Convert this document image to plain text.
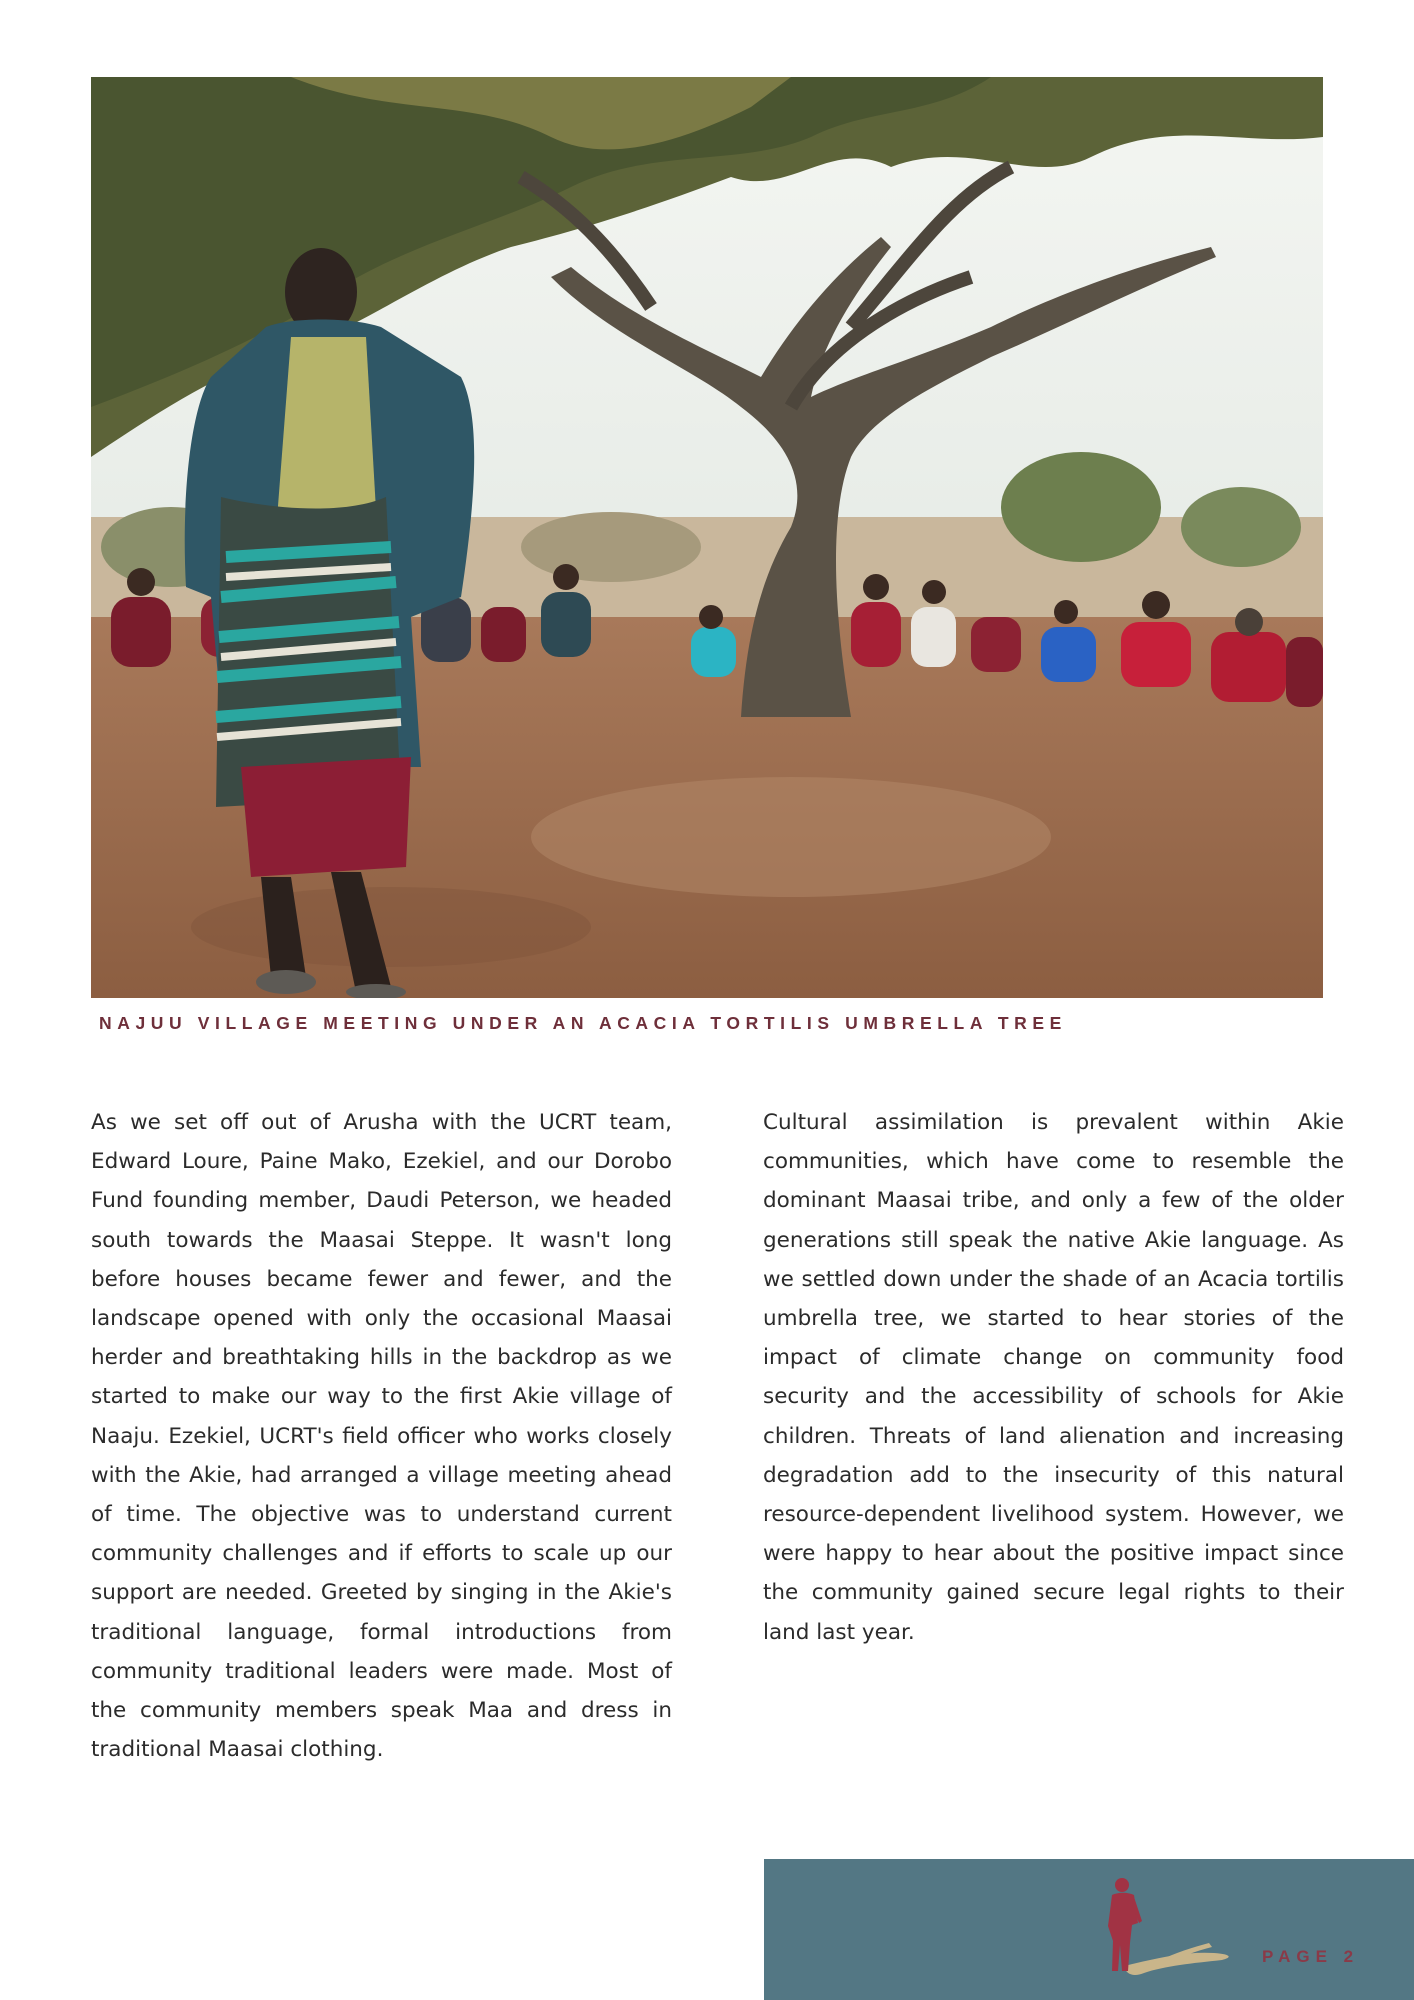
NAJUU VILLAGE MEETING UNDER AN ACACIA TORTILIS UMBRELLA TREE

As we set off out of Arusha with the UCRT team, Edward Loure, Paine Mako, Ezekiel, and our Dorobo Fund founding member, Daudi Peterson, we headed south towards the Maasai Steppe. It wasn't long before houses became fewer and fewer, and the landscape opened with only the occasional Maasai herder and breathtaking hills in the backdrop as we started to make our way to the first Akie village of Naaju. Ezekiel, UCRT's field officer who works closely with the Akie, had arranged a village meeting ahead of time. The objective was to understand current community challenges and if efforts to scale up our support are needed. Greeted by singing in the Akie's traditional language, formal introductions from community traditional leaders were made. Most of the community members speak Maa and dress in traditional Maasai clothing.

Cultural assimilation is prevalent within Akie communities, which have come to resemble the dominant Maasai tribe, and only a few of the older generations still speak the native Akie language. As we settled down under the shade of an Acacia tortilis umbrella tree, we started to hear stories of the impact of climate change on community food security and the accessibility of schools for Akie children. Threats of land alienation and increasing degradation add to the insecurity of this natural resource-dependent livelihood system. However, we were happy to hear about the positive impact since the community gained secure legal rights to their land last year.

PAGE 2
